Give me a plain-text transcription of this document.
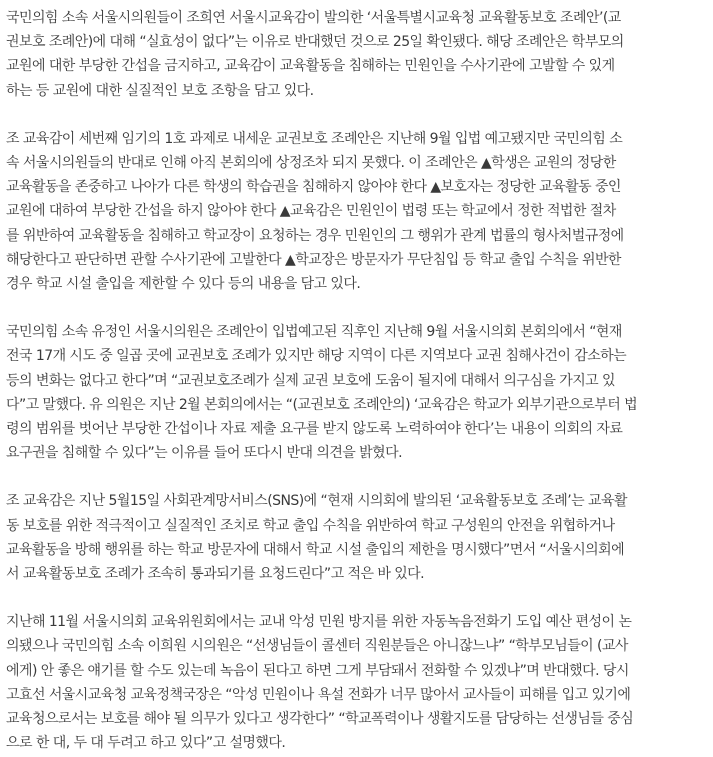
국민의힘 소속 서울시의원들이 조희연 서울시교육감이 발의한 ‘서울특별시교육청 교육활동보호 조례안’(교
권보호 조례안)에 대해 “실효성이 없다”는 이유로 반대했던 것으로 25일 확인됐다. 해당 조례안은 학부모의
교원에 대한 부당한 간섭을 금지하고, 교육감이 교육활동을 침해하는 민원인을 수사기관에 고발할 수 있게
하는 등 교원에 대한 실질적인 보호 조항을 담고 있다.

조 교육감이 세번째 임기의 1호 과제로 내세운 교권보호 조례안은 지난해 9월 입법 예고됐지만 국민의힘 소
속 서울시의원들의 반대로 인해 아직 본회의에 상정조차 되지 못했다. 이 조례안은 ▲학생은 교원의 정당한
교육활동을 존중하고 나아가 다른 학생의 학습권을 침해하지 않아야 한다 ▲보호자는 정당한 교육활동 중인
교원에 대하여 부당한 간섭을 하지 않아야 한다 ▲교육감은 민원인이 법령 또는 학교에서 정한 적법한 절차
를 위반하여 교육활동을 침해하고 학교장이 요청하는 경우 민원인의 그 행위가 관계 법률의 형사처벌규정에
해당한다고 판단하면 관할 수사기관에 고발한다 ▲학교장은 방문자가 무단침입 등 학교 출입 수칙을 위반한
경우 학교 시설 출입을 제한할 수 있다 등의 내용을 담고 있다.

국민의힘 소속 유정인 서울시의원은 조례안이 입법예고된 직후인 지난해 9월 서울시의회 본회의에서 “현재
전국 17개 시도 중 일곱 곳에 교권보호 조례가 있지만 해당 지역이 다른 지역보다 교권 침해사건이 감소하는
등의 변화는 없다고 한다”며 “교권보호조례가 실제 교권 보호에 도움이 될지에 대해서 의구심을 가지고 있
다”고 말했다. 유 의원은 지난 2월 본회의에서는 “(교권보호 조례안의) ‘교육감은 학교가 외부기관으로부터 법
령의 범위를 벗어난 부당한 간섭이나 자료 제출 요구를 받지 않도록 노력하여야 한다’는 내용이 의회의 자료
요구권을 침해할 수 있다”는 이유를 들어 또다시 반대 의견을 밝혔다.

조 교육감은 지난 5월15일 사회관계망서비스(SNS)에 “현재 시의회에 발의된 ‘교육활동보호 조례’는 교육활
동 보호를 위한 적극적이고 실질적인 조치로 학교 출입 수칙을 위반하여 학교 구성원의 안전을 위협하거나
교육활동을 방해 행위를 하는 학교 방문자에 대해서 학교 시설 출입의 제한을 명시했다”면서 “서울시의회에
서 교육활동보호 조례가 조속히 통과되기를 요청드린다”고 적은 바 있다.

지난해 11월 서울시의회 교육위원회에서는 교내 악성 민원 방지를 위한 자동녹음전화기 도입 예산 편성이 논
의됐으나 국민의힘 소속 이희원 시의원은 “선생님들이 콜센터 직원분들은 아니잖느냐” “학부모님들이 (교사
에게) 안 좋은 얘기를 할 수도 있는데 녹음이 된다고 하면 그게 부담돼서 전화할 수 있겠냐”며 반대했다. 당시
고효선 서울시교육청 교육정책국장은 “악성 민원이나 욕설 전화가 너무 많아서 교사들이 피해를 입고 있기에
교육청으로서는 보호를 해야 될 의무가 있다고 생각한다” “학교폭력이나 생활지도를 담당하는 선생님들 중심
으로 한 대, 두 대 두려고 하고 있다”고 설명했다.
